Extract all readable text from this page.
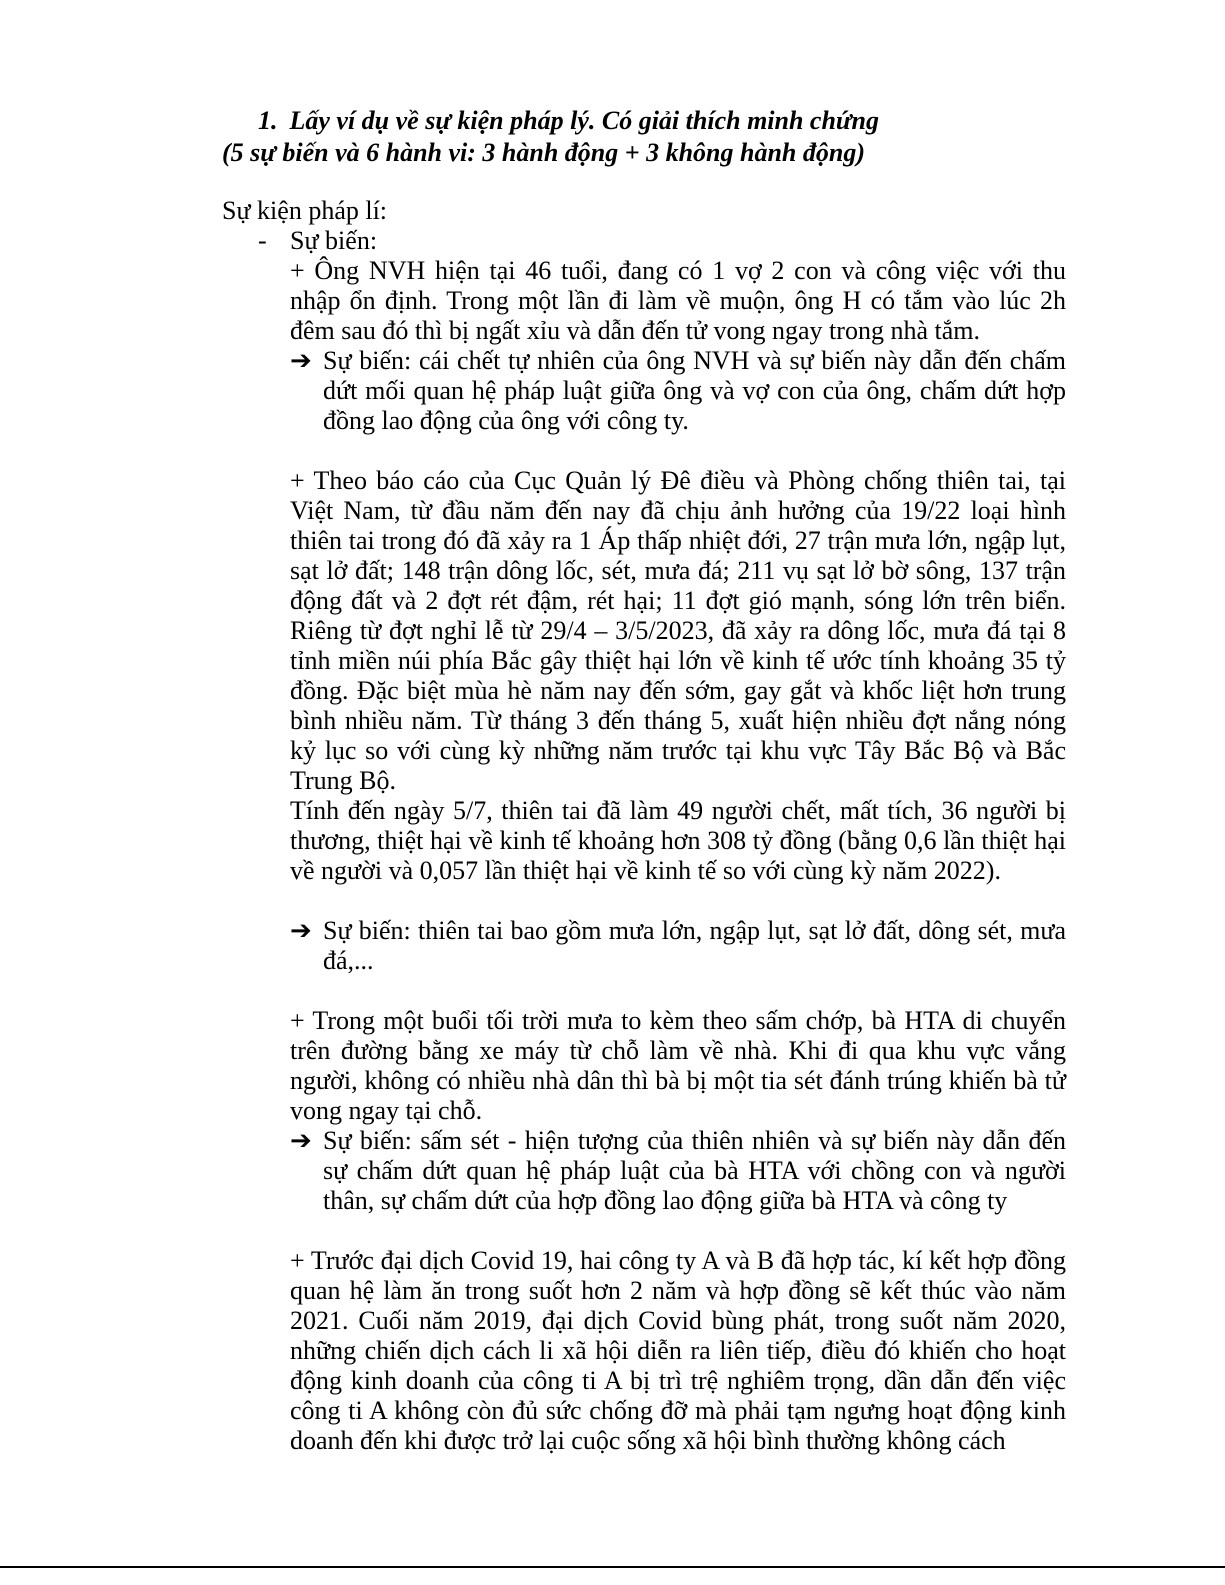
1. Lấy ví dụ về sự kiện pháp lý. Có giải thích minh chứng
(5 sự biến và 6 hành vi: 3 hành động + 3 không hành động)
Sự kiện pháp lí:
- Sự biến:

+ Ông NVH hiện tại 46 tuổi, đang có 1 vợ 2 con và công việc với thu nhập ổn định. Trong một lần đi làm về muộn, ông H có tắm vào lúc 2h đêm sau đó thì bị ngất xỉu và dẫn đến tử vong ngay trong nhà tắm.

➔ Sự biến: cái chết tự nhiên của ông NVH và sự biến này dẫn đến chấm dứt mối quan hệ pháp luật giữa ông và vợ con của ông, chấm dứt hợp đồng lao động của ông với công ty.

+ Theo báo cáo của Cục Quản lý Đê điều và Phòng chống thiên tai, tại Việt Nam, từ đầu năm đến nay đã chịu ảnh hưởng của 19/22 loại hình thiên tai trong đó đã xảy ra 1 Áp thấp nhiệt đới, 27 trận mưa lớn, ngập lụt, sạt lở đất; 148 trận dông lốc, sét, mưa đá; 211 vụ sạt lở bờ sông, 137 trận động đất và 2 đợt rét đậm, rét hại; 11 đợt gió mạnh, sóng lớn trên biển. Riêng từ đợt nghỉ lễ từ 29/4 – 3/5/2023, đã xảy ra dông lốc, mưa đá tại 8 tỉnh miền núi phía Bắc gây thiệt hại lớn về kinh tế ước tính khoảng 35 tỷ đồng. Đặc biệt mùa hè năm nay đến sớm, gay gắt và khốc liệt hơn trung bình nhiều năm. Từ tháng 3 đến tháng 5, xuất hiện nhiều đợt nắng nóng kỷ lục so với cùng kỳ những năm trước tại khu vực Tây Bắc Bộ và Bắc Trung Bộ.

Tính đến ngày 5/7, thiên tai đã làm 49 người chết, mất tích, 36 người bị thương, thiệt hại về kinh tế khoảng hơn 308 tỷ đồng (bằng 0,6 lần thiệt hại về người và 0,057 lần thiệt hại về kinh tế so với cùng kỳ năm 2022).

➔ Sự biến: thiên tai bao gồm mưa lớn, ngập lụt, sạt lở đất, dông sét, mưa đá,...

+ Trong một buổi tối trời mưa to kèm theo sấm chớp, bà HTA di chuyển trên đường bằng xe máy từ chỗ làm về nhà. Khi đi qua khu vực vắng người, không có nhiều nhà dân thì bà bị một tia sét đánh trúng khiến bà tử vong ngay tại chỗ.

➔ Sự biến: sấm sét - hiện tượng của thiên nhiên và sự biến này dẫn đến sự chấm dứt quan hệ pháp luật của bà HTA với chồng con và người thân, sự chấm dứt của hợp đồng lao động giữa bà HTA và công ty

+ Trước đại dịch Covid 19, hai công ty A và B đã hợp tác, kí kết hợp đồng quan hệ làm ăn trong suốt hơn 2 năm và hợp đồng sẽ kết thúc vào năm 2021. Cuối năm 2019, đại dịch Covid bùng phát, trong suốt năm 2020, những chiến dịch cách li xã hội diễn ra liên tiếp, điều đó khiến cho hoạt động kinh doanh của công ti A bị trì trệ nghiêm trọng, dần dẫn đến việc công ti A không còn đủ sức chống đỡ mà phải tạm ngưng hoạt động kinh doanh đến khi được trở lại cuộc sống xã hội bình thường không cách
